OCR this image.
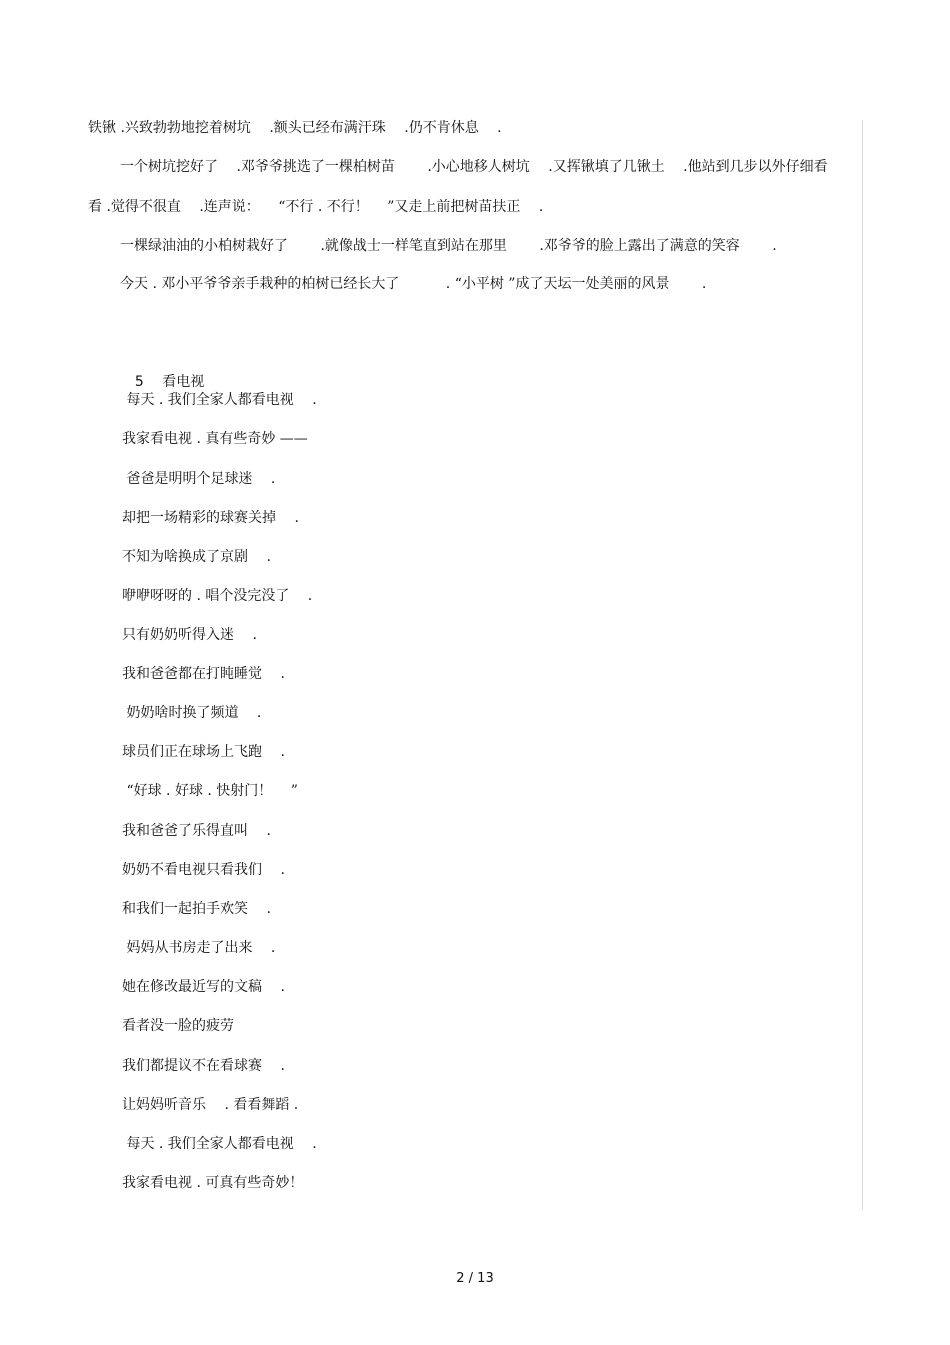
铁锹 .兴致勃勃地挖着树坑 　.额头已经布满汗珠 　.仍不肯休息 　.
一个树坑挖好了 　.邓爷爷挑选了一棵柏树苗 　　.小心地移人树坑 　.又挥锹填了几锹土 　.他站到几步以外仔细看
看 .觉得不很直 　.连声说： 　“不行 . 不行！ 　”又走上前把树苗扶正 　.
一棵绿油油的小柏树栽好了 　　.就像战士一样笔直到站在那里 　　.邓爷爷的脸上露出了满意的笑容 　　.
今天 . 邓小平爷爷亲手栽种的柏树已经长大了 　　　. “小平树 ”成了天坛一处美丽的风景 　　.

5　 看电视

每天 . 我们全家人都看电视 　.
我家看电视 . 真有些奇妙 ——
爸爸是明明个足球迷 　.
却把一场精彩的球赛关掉 　.
不知为啥换成了京剧 　.
咿咿呀呀的 . 唱个没完没了 　.
只有奶奶听得入迷 　.
我和爸爸都在打盹睡觉 　.
奶奶啥时换了频道 　.
球员们正在球场上飞跑 　.
“好球 . 好球 . 快射门！ 　”
我和爸爸了乐得直叫 　.
奶奶不看电视只看我们 　.
和我们一起拍手欢笑 　.
妈妈从书房走了出来 　.
她在修改最近写的文稿 　.
看者没一脸的疲劳
我们都提议不在看球赛 　.
让妈妈听音乐 　. 看看舞蹈 .
每天 . 我们全家人都看电视 　.
我家看电视 . 可真有些奇妙！
2 / 13
